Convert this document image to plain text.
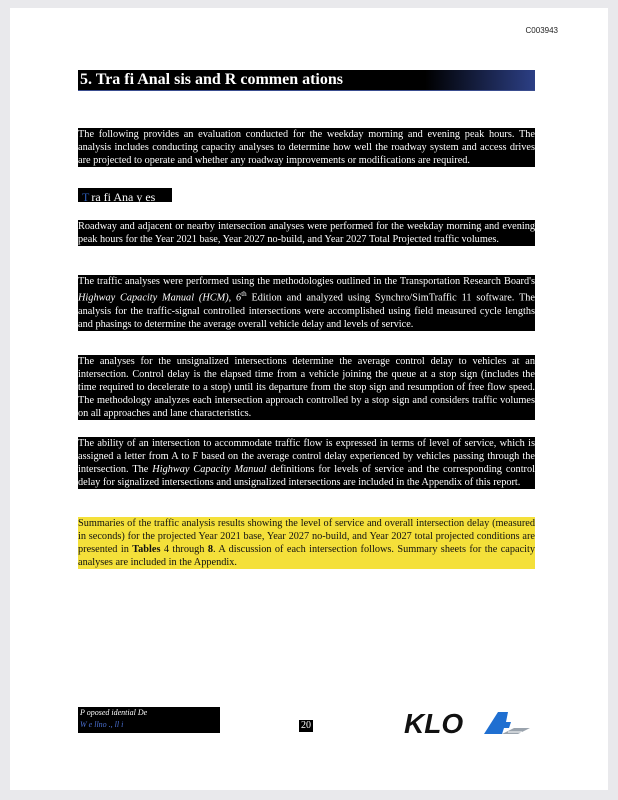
C003943
5. Tra fi Anal sis and R commen ations

The following provides an evaluation conducted for the weekday morning and evening peak hours. The analysis includes conducting capacity analyses to determine how well the roadway system and access drives are projected to operate and whether any roadway improvements or modifications are required.

T ra fi Ana y es

Roadway and adjacent or nearby intersection analyses were performed for the weekday morning and evening peak hours for the Year 2021 base, Year 2027 no-build, and Year 2027 Total Projected traffic volumes.

The traffic analyses were performed using the methodologies outlined in the Transportation Research Board's Highway Capacity Manual (HCM), 6th Edition and analyzed using Synchro/SimTraffic 11 software. The analysis for the traffic-signal controlled intersections were accomplished using field measured cycle lengths and phasings to determine the average overall vehicle delay and levels of service.

The analyses for the unsignalized intersections determine the average control delay to vehicles at an intersection. Control delay is the elapsed time from a vehicle joining the queue at a stop sign (includes the time required to decelerate to a stop) until its departure from the stop sign and resumption of free flow speed. The methodology analyzes each intersection approach controlled by a stop sign and considers traffic volumes on all approaches and lane characteristics.

The ability of an intersection to accommodate traffic flow is expressed in terms of level of service, which is assigned a letter from A to F based on the average control delay experienced by vehicles passing through the intersection. The Highway Capacity Manual definitions for levels of service and the corresponding control delay for signalized intersections and unsignalized intersections are included in the Appendix of this report.

Summaries of the traffic analysis results showing the level of service and overall intersection delay (measured in seconds) for the projected Year 2021 base, Year 2027 no-build, and Year 2027 total projected conditions are presented in Tables 4 through 8. A discussion of each intersection follows. Summary sheets for the capacity analyses are included in the Appendix.

P oposed idential De
W e llno ., ll i	20	KLO
